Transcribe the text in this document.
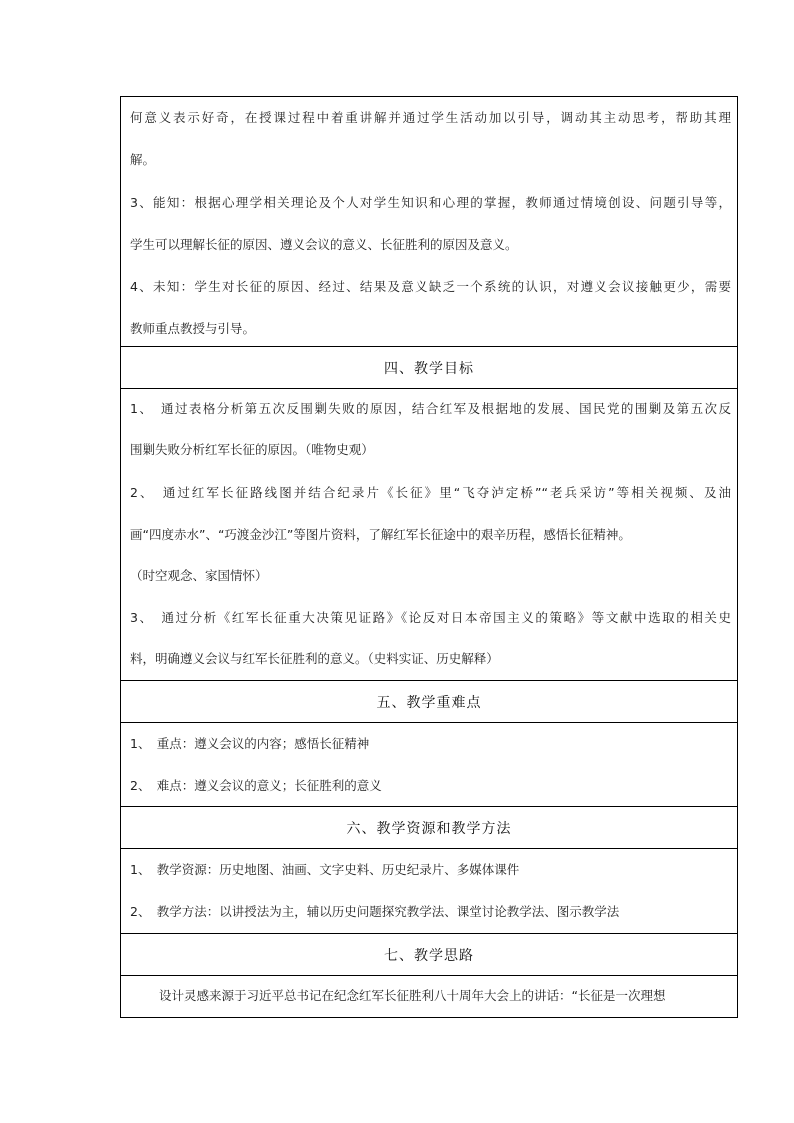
何意义表示好奇，在授课过程中着重讲解并通过学生活动加以引导，调动其主动思考，帮助其理
解。
3、能知：根据心理学相关理论及个人对学生知识和心理的掌握，教师通过情境创设、问题引导等，
学生可以理解长征的原因、遵义会议的意义、长征胜利的原因及意义。
4、未知：学生对长征的原因、经过、结果及意义缺乏一个系统的认识，对遵义会议接触更少，需要
教师重点教授与引导。
四、教学目标
1、　通过表格分析第五次反围剿失败的原因，结合红军及根据地的发展、国民党的围剿及第五次反
围剿失败分析红军长征的原因。（唯物史观）
2、　通过红军长征路线图并结合纪录片《长征》里“飞夺泸定桥”“老兵采访”等相关视频、及油
画“四度赤水”、“巧渡金沙江”等图片资料，了解红军长征途中的艰辛历程，感悟长征精神。
（时空观念、家国情怀）
3、　通过分析《红军长征重大决策见证路》《论反对日本帝国主义的策略》等文献中选取的相关史
料，明确遵义会议与红军长征胜利的意义。（史料实证、历史解释）
五、教学重难点
1、　重点：遵义会议的内容；感悟长征精神
2、　难点：遵义会议的意义；长征胜利的意义
六、教学资源和教学方法
1、　教学资源：历史地图、油画、文字史料、历史纪录片、多媒体课件
2、　教学方法：以讲授法为主，辅以历史问题探究教学法、课堂讨论教学法、图示教学法
七、教学思路
设计灵感来源于习近平总书记在纪念红军长征胜利八十周年大会上的讲话：“长征是一次理想
